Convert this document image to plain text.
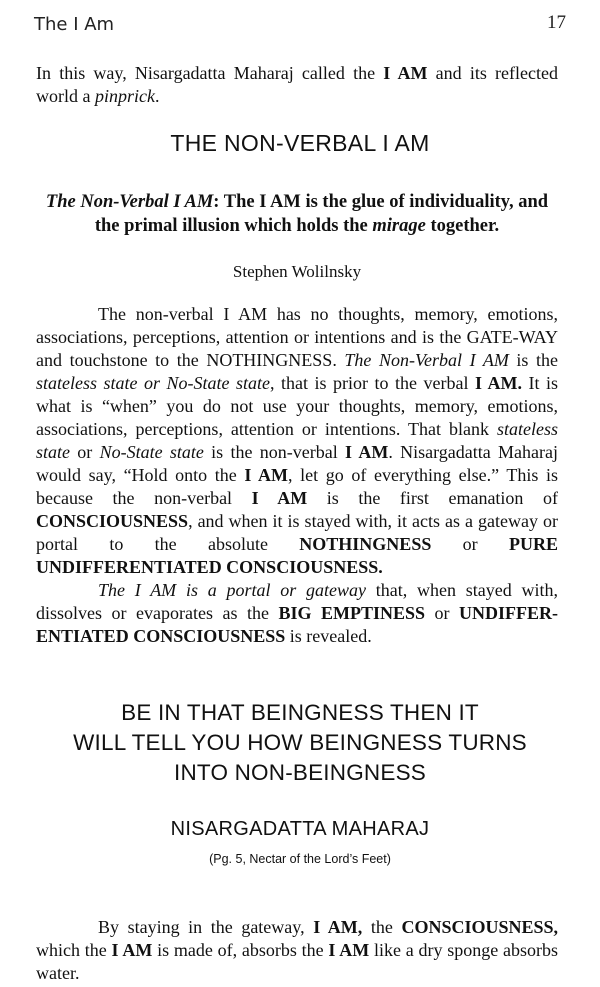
The I Am	17
In this way, Nisargadatta Maharaj called the I AM and its reflected world a pinprick.
THE NON-VERBAL I AM
The Non-Verbal I AM: The I AM is the glue of individuality, and the primal illusion which holds the mirage together.
Stephen Wolilnsky
The non-verbal I AM has no thoughts, memory, emotions, associations, perceptions, attention or intentions and is the GATE-WAY and touchstone to the NOTHINGNESS. The Non-Verbal I AM is the stateless state or No-State state, that is prior to the verbal I AM. It is what is “when” you do not use your thoughts, memory, emotions, associations, perceptions, attention or intentions. That blank stateless state or No-State state is the non-verbal I AM. Nisargadatta Maharaj would say, “Hold onto the I AM, let go of everything else.” This is because the non-verbal I AM is the first emanation of CONSCIOUSNESS, and when it is stayed with, it acts as a gateway or portal to the absolute NOTHINGNESS or PURE UNDIFFERENTIATED CONSCIOUSNESS.
The I AM is a portal or gateway that, when stayed with, dissolves or evaporates as the BIG EMPTINESS or UNDIFFER-ENTIATED CONSCIOUSNESS is revealed.
BE IN THAT BEINGNESS THEN IT
WILL TELL YOU HOW BEINGNESS TURNS
INTO NON-BEINGNESS
NISARGADATTA MAHARAJ
(Pg. 5, Nectar of the Lord’s Feet)
By staying in the gateway, I AM, the CONSCIOUSNESS, which the I AM is made of, absorbs the I AM like a dry sponge absorbs water.
